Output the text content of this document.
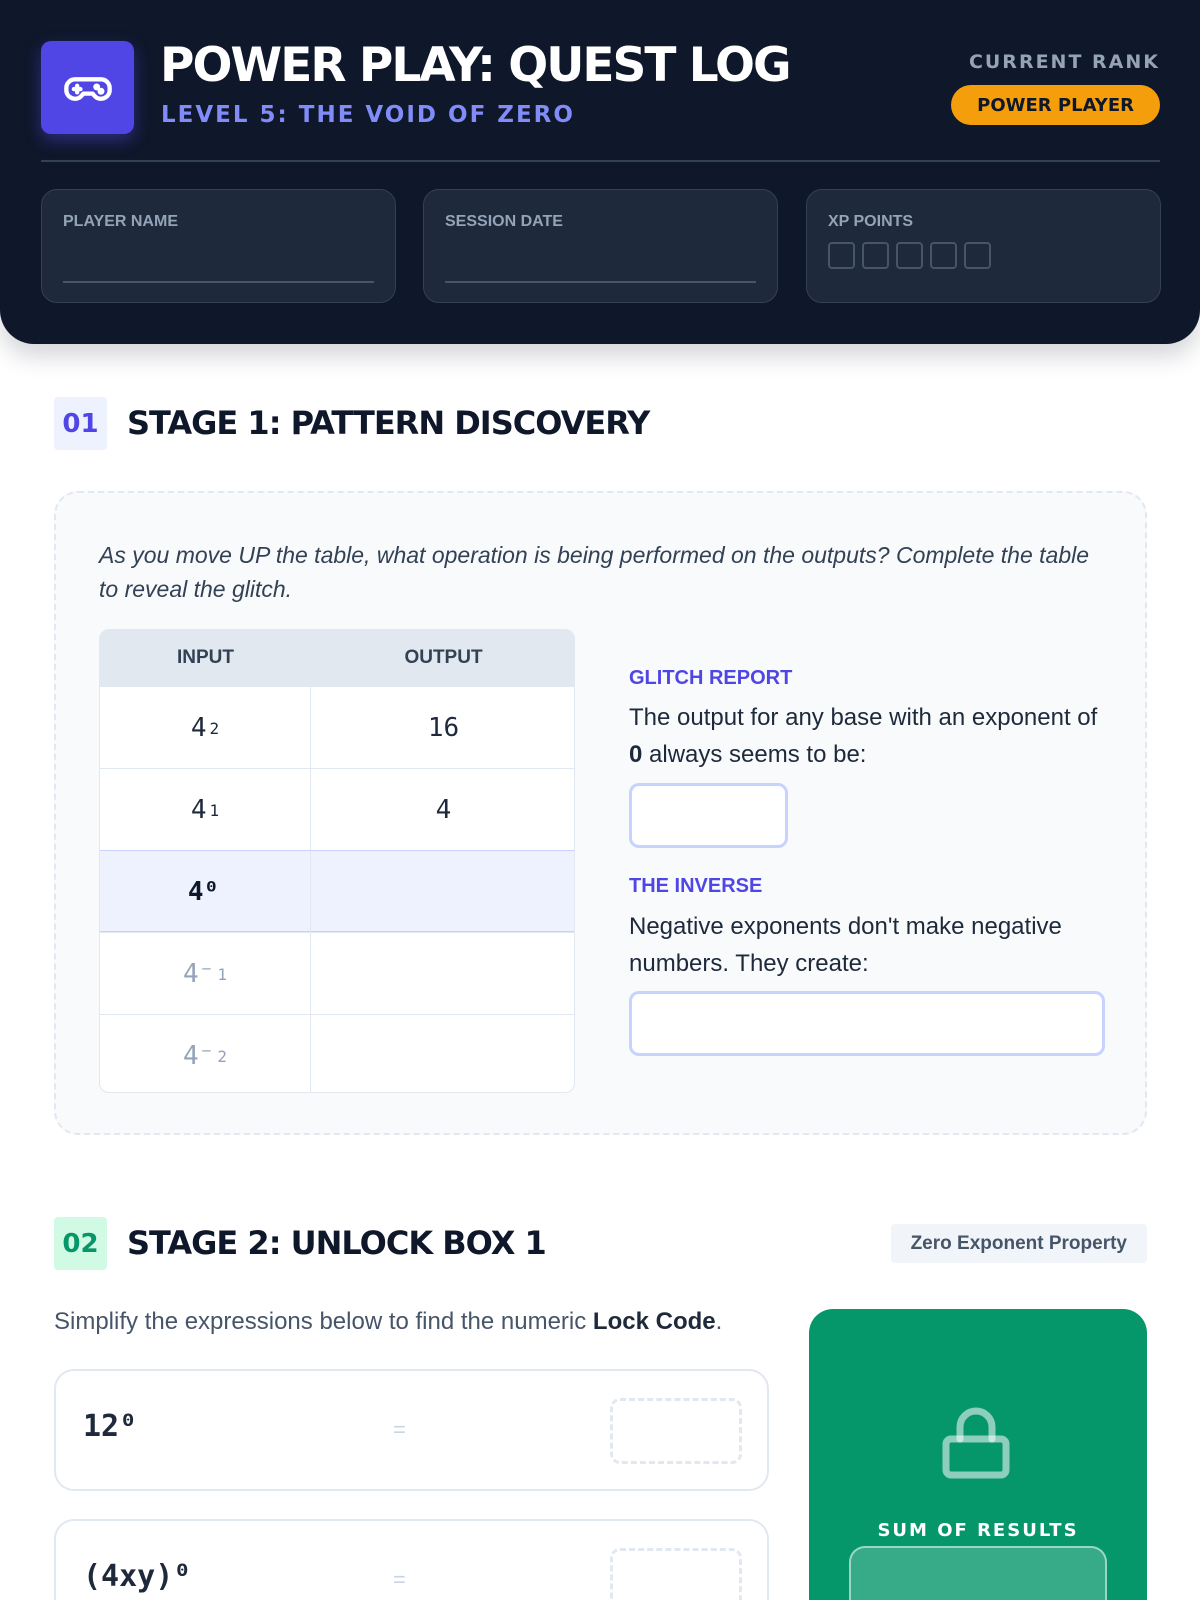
POWER PLAY: QUEST LOG
LEVEL 5: THE VOID OF ZERO
CURRENT RANK
POWER PLAYER
PLAYER NAME	SESSION DATE	XP POINTS
01 STAGE 1: PATTERN DISCOVERY
As you move UP the table, what operation is being performed on the outputs? Complete the table to reveal the glitch.
INPUT	OUTPUT
4 2	16
4 1	4
4⁰
4⁻ 1
4⁻ 2
GLITCH REPORT
The output for any base with an exponent of 0 always seems to be:
THE INVERSE
Negative exponents don't make negative numbers. They create:
02 STAGE 2: UNLOCK BOX 1	Zero Exponent Property
Simplify the expressions below to find the numeric Lock Code.
12⁰	=
(4xy)⁰	=
SUM OF RESULTS
